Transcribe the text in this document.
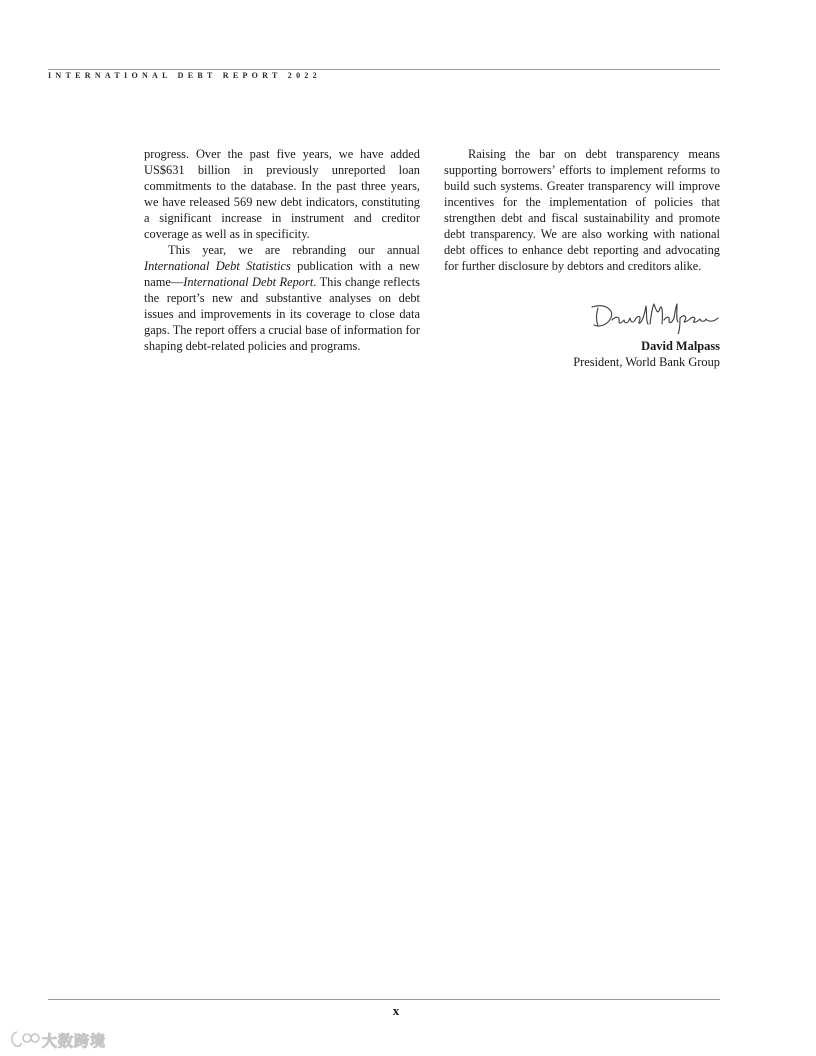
INTERNATIONAL DEBT REPORT 2022

progress. Over the past five years, we have added US$631 billion in previously unreported loan commitments to the database. In the past three years, we have released 569 new debt indicators, constituting a significant increase in instrument and creditor coverage as well as in specificity.

This year, we are rebranding our annual International Debt Statistics publication with a new name—International Debt Report. This change reflects the report’s new and substantive analyses on debt issues and improvements in its coverage to close data gaps. The report offers a crucial base of information for shaping debt-related policies and programs.

Raising the bar on debt transparency means supporting borrowers’ efforts to implement reforms to build such systems. Greater transparency will improve incentives for the implementation of policies that strengthen debt and fiscal sustainability and promote debt transparency. We are also working with national debt offices to enhance debt reporting and advocating for further disclosure by debtors and creditors alike.

David Malpass
President, World Bank Group
x
大数跨境
